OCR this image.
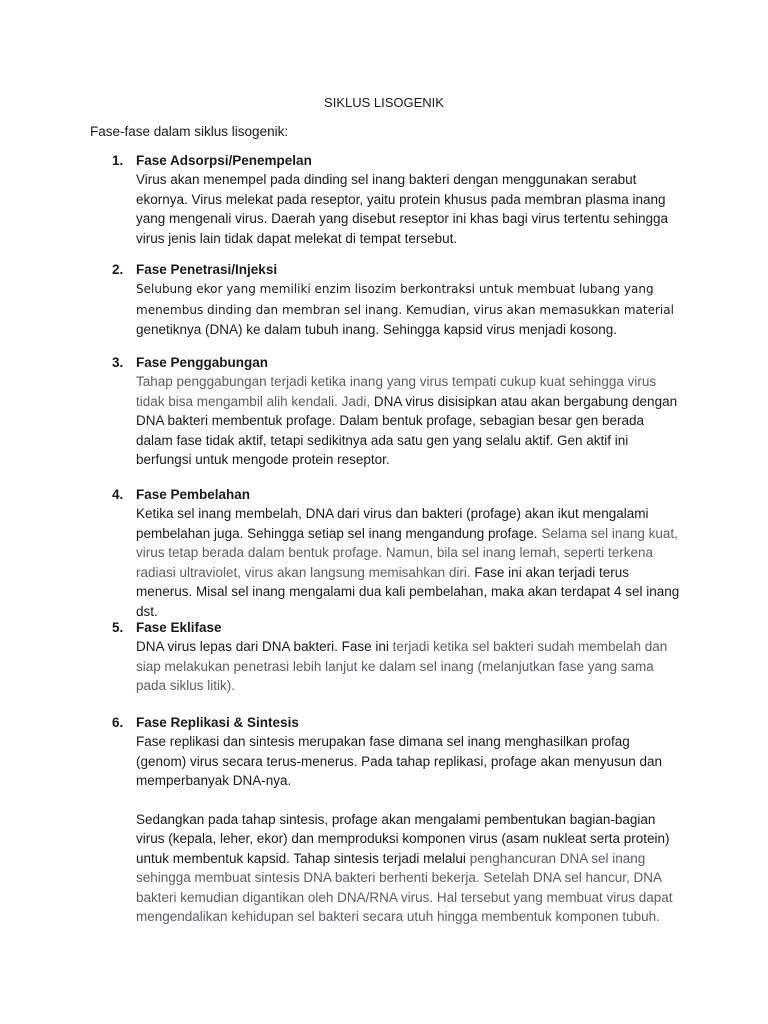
SIKLUS LISOGENIK
Fase-fase dalam siklus lisogenik:
1. Fase Adsorpsi/Penempelan

Virus akan menempel pada dinding sel inang bakteri dengan menggunakan serabut ekornya. Virus melekat pada reseptor, yaitu protein khusus pada membran plasma inang yang mengenali virus. Daerah yang disebut reseptor ini khas bagi virus tertentu sehingga virus jenis lain tidak dapat melekat di tempat tersebut.

2. Fase Penetrasi/Injeksi

Selubung ekor yang memiliki enzim lisozim berkontraksi untuk membuat lubang yang menembus dinding dan membran sel inang. Kemudian, virus akan memasukkan material genetiknya (DNA) ke dalam tubuh inang. Sehingga kapsid virus menjadi kosong.

3. Fase Penggabungan

Tahap penggabungan terjadi ketika inang yang virus tempati cukup kuat sehingga virus tidak bisa mengambil alih kendali. Jadi, DNA virus disisipkan atau akan bergabung dengan DNA bakteri membentuk profage. Dalam bentuk profage, sebagian besar gen berada dalam fase tidak aktif, tetapi sedikitnya ada satu gen yang selalu aktif. Gen aktif ini berfungsi untuk mengode protein reseptor.

4. Fase Pembelahan

Ketika sel inang membelah, DNA dari virus dan bakteri (profage) akan ikut mengalami pembelahan juga. Sehingga setiap sel inang mengandung profage. Selama sel inang kuat, virus tetap berada dalam bentuk profage. Namun, bila sel inang lemah, seperti terkena radiasi ultraviolet, virus akan langsung memisahkan diri. Fase ini akan terjadi terus menerus. Misal sel inang mengalami dua kali pembelahan, maka akan terdapat 4 sel inang dst.

5. Fase Eklifase

DNA virus lepas dari DNA bakteri. Fase ini terjadi ketika sel bakteri sudah membelah dan siap melakukan penetrasi lebih lanjut ke dalam sel inang (melanjutkan fase yang sama pada siklus litik).

6. Fase Replikasi & Sintesis

Fase replikasi dan sintesis merupakan fase dimana sel inang menghasilkan profag (genom) virus secara terus-menerus. Pada tahap replikasi, profage akan menyusun dan memperbanyak DNA-nya.

Sedangkan pada tahap sintesis, profage akan mengalami pembentukan bagian-bagian virus (kepala, leher, ekor) dan memproduksi komponen virus (asam nukleat serta protein) untuk membentuk kapsid. Tahap sintesis terjadi melalui penghancuran DNA sel inang sehingga membuat sintesis DNA bakteri berhenti bekerja. Setelah DNA sel hancur, DNA bakteri kemudian digantikan oleh DNA/RNA virus. Hal tersebut yang membuat virus dapat mengendalikan kehidupan sel bakteri secara utuh hingga membentuk komponen tubuh.
